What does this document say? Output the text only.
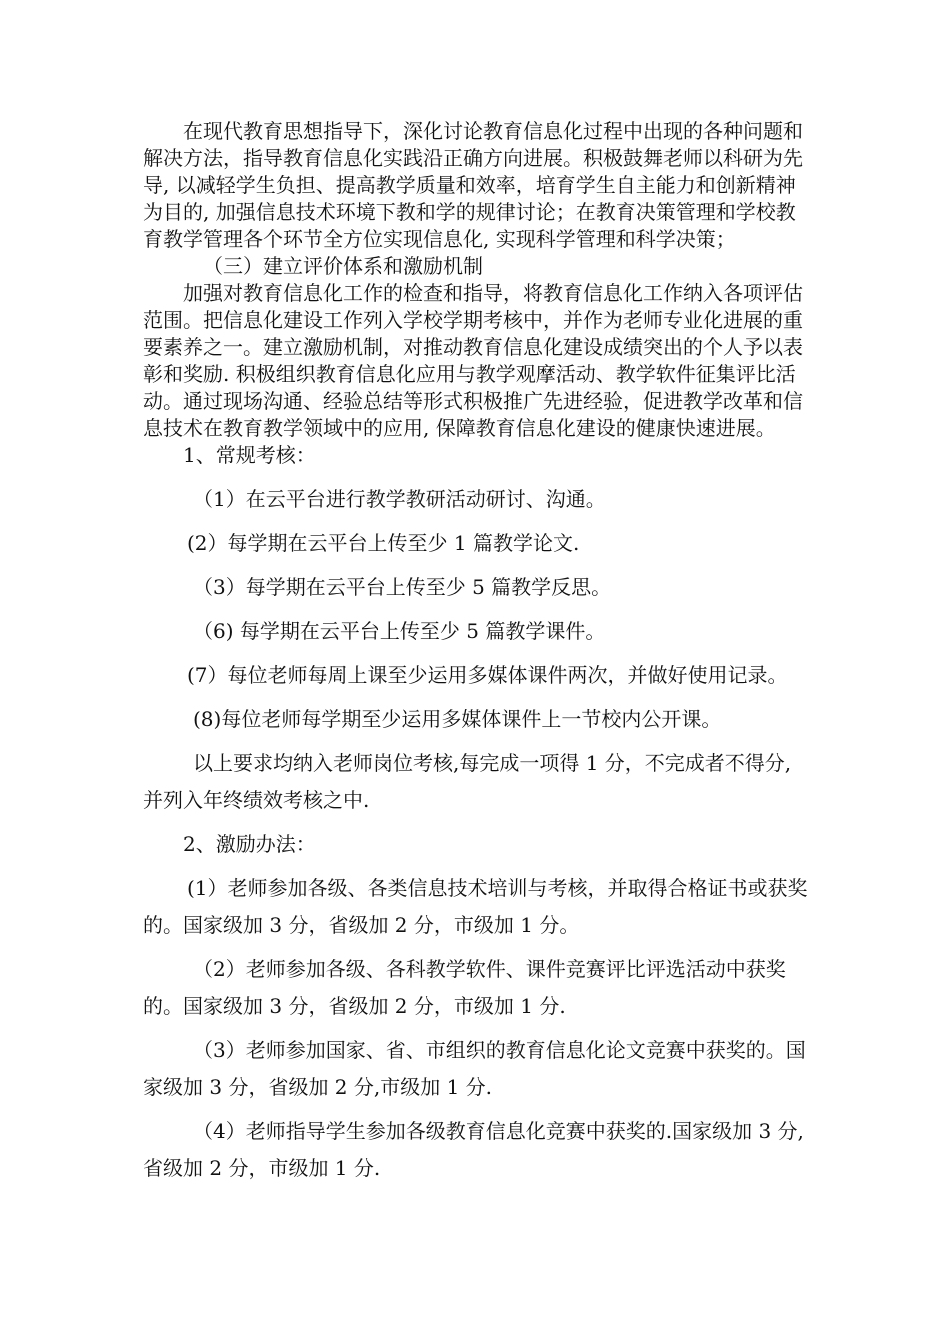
在现代教育思想指导下，深化讨论教育信息化过程中出现的各种问题和解决方法，指导教育信息化实践沿正确方向进展。积极鼓舞老师以科研为先导, 以减轻学生负担、提高教学质量和效率，培育学生自主能力和创新精神为目的, 加强信息技术环境下教和学的规律讨论；在教育决策管理和学校教育教学管理各个环节全方位实现信息化, 实现科学管理和科学决策；

（三）建立评价体系和激励机制

加强对教育信息化工作的检查和指导，将教育信息化工作纳入各项评估范围。把信息化建设工作列入学校学期考核中，并作为老师专业化进展的重要素养之一。建立激励机制，对推动教育信息化建设成绩突出的个人予以表彰和奖励. 积极组织教育信息化应用与教学观摩活动、教学软件征集评比活动。通过现场沟通、经验总结等形式积极推广先进经验，促进教学改革和信息技术在教育教学领域中的应用, 保障教育信息化建设的健康快速进展。

1、常规考核：

（1）在云平台进行教学教研活动研讨、沟通。

(2）每学期在云平台上传至少 1 篇教学论文.

（3）每学期在云平台上传至少 5 篇教学反思。

（6) 每学期在云平台上传至少 5 篇教学课件。

(7）每位老师每周上课至少运用多媒体课件两次，并做好使用记录。

(8)每位老师每学期至少运用多媒体课件上一节校内公开课。

以上要求均纳入老师岗位考核,每完成一项得 1 分，不完成者不得分,并列入年终绩效考核之中.

2、激励办法：

(1）老师参加各级、各类信息技术培训与考核，并取得合格证书或获奖的。国家级加 3 分，省级加 2 分，市级加 1 分。

（2）老师参加各级、各科教学软件、课件竞赛评比评选活动中获奖的。国家级加 3 分，省级加 2 分，市级加 1 分.

（3）老师参加国家、省、市组织的教育信息化论文竞赛中获奖的。国家级加 3 分，省级加 2 分,市级加 1 分.

（4）老师指导学生参加各级教育信息化竞赛中获奖的.国家级加 3 分,省级加 2 分，市级加 1 分.
